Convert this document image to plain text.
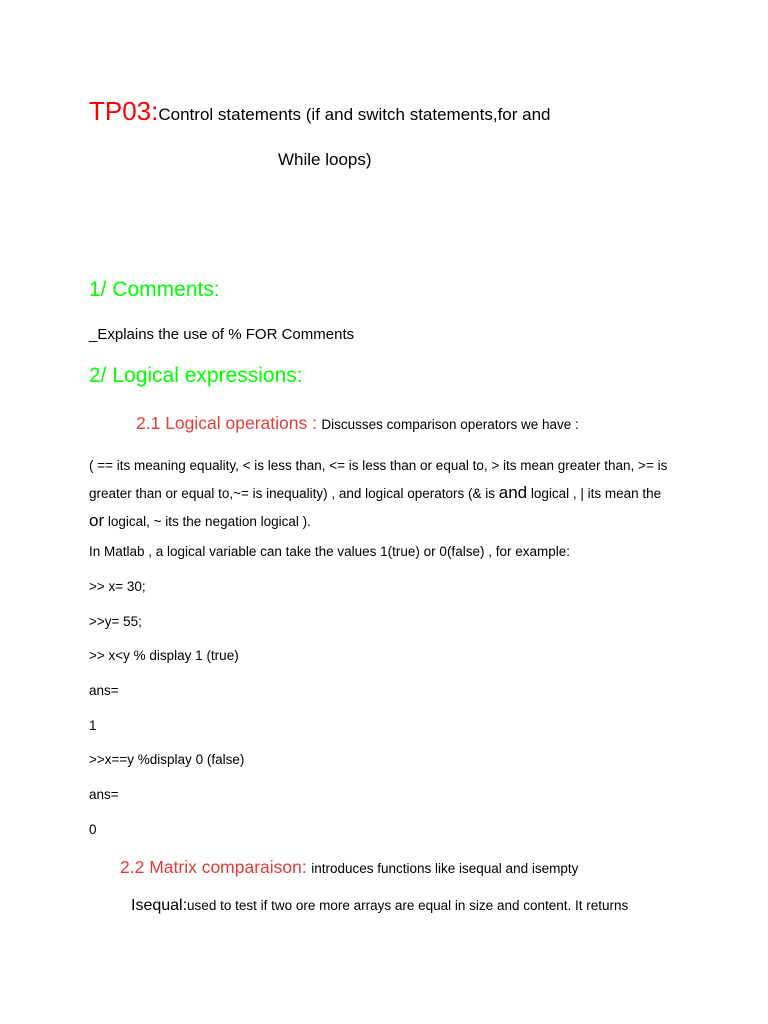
TP03:Control statements (if and switch statements,for and
While loops)
1/ Comments:
_Explains the use of % FOR Comments
2/ Logical expressions:
2.1 Logical operations : Discusses comparison operators we have :
( == its meaning equality, < is less than, <= is less than or equal to, > its mean greater than, >= is
greater than or equal to,~= is inequality) , and logical operators (& is and logical , | its mean the
or logical, ~ its the negation logical ).
In Matlab , a logical variable can take the values 1(true) or 0(false) , for example:
>> x= 30;
>>y= 55;
>> x<y % display 1 (true)
ans=
1
>>x==y %display 0 (false)
ans=
0
2.2 Matrix comparaison: introduces functions like isequal and isempty
Isequal:used to test if two ore more arrays are equal in size and content. It returns
